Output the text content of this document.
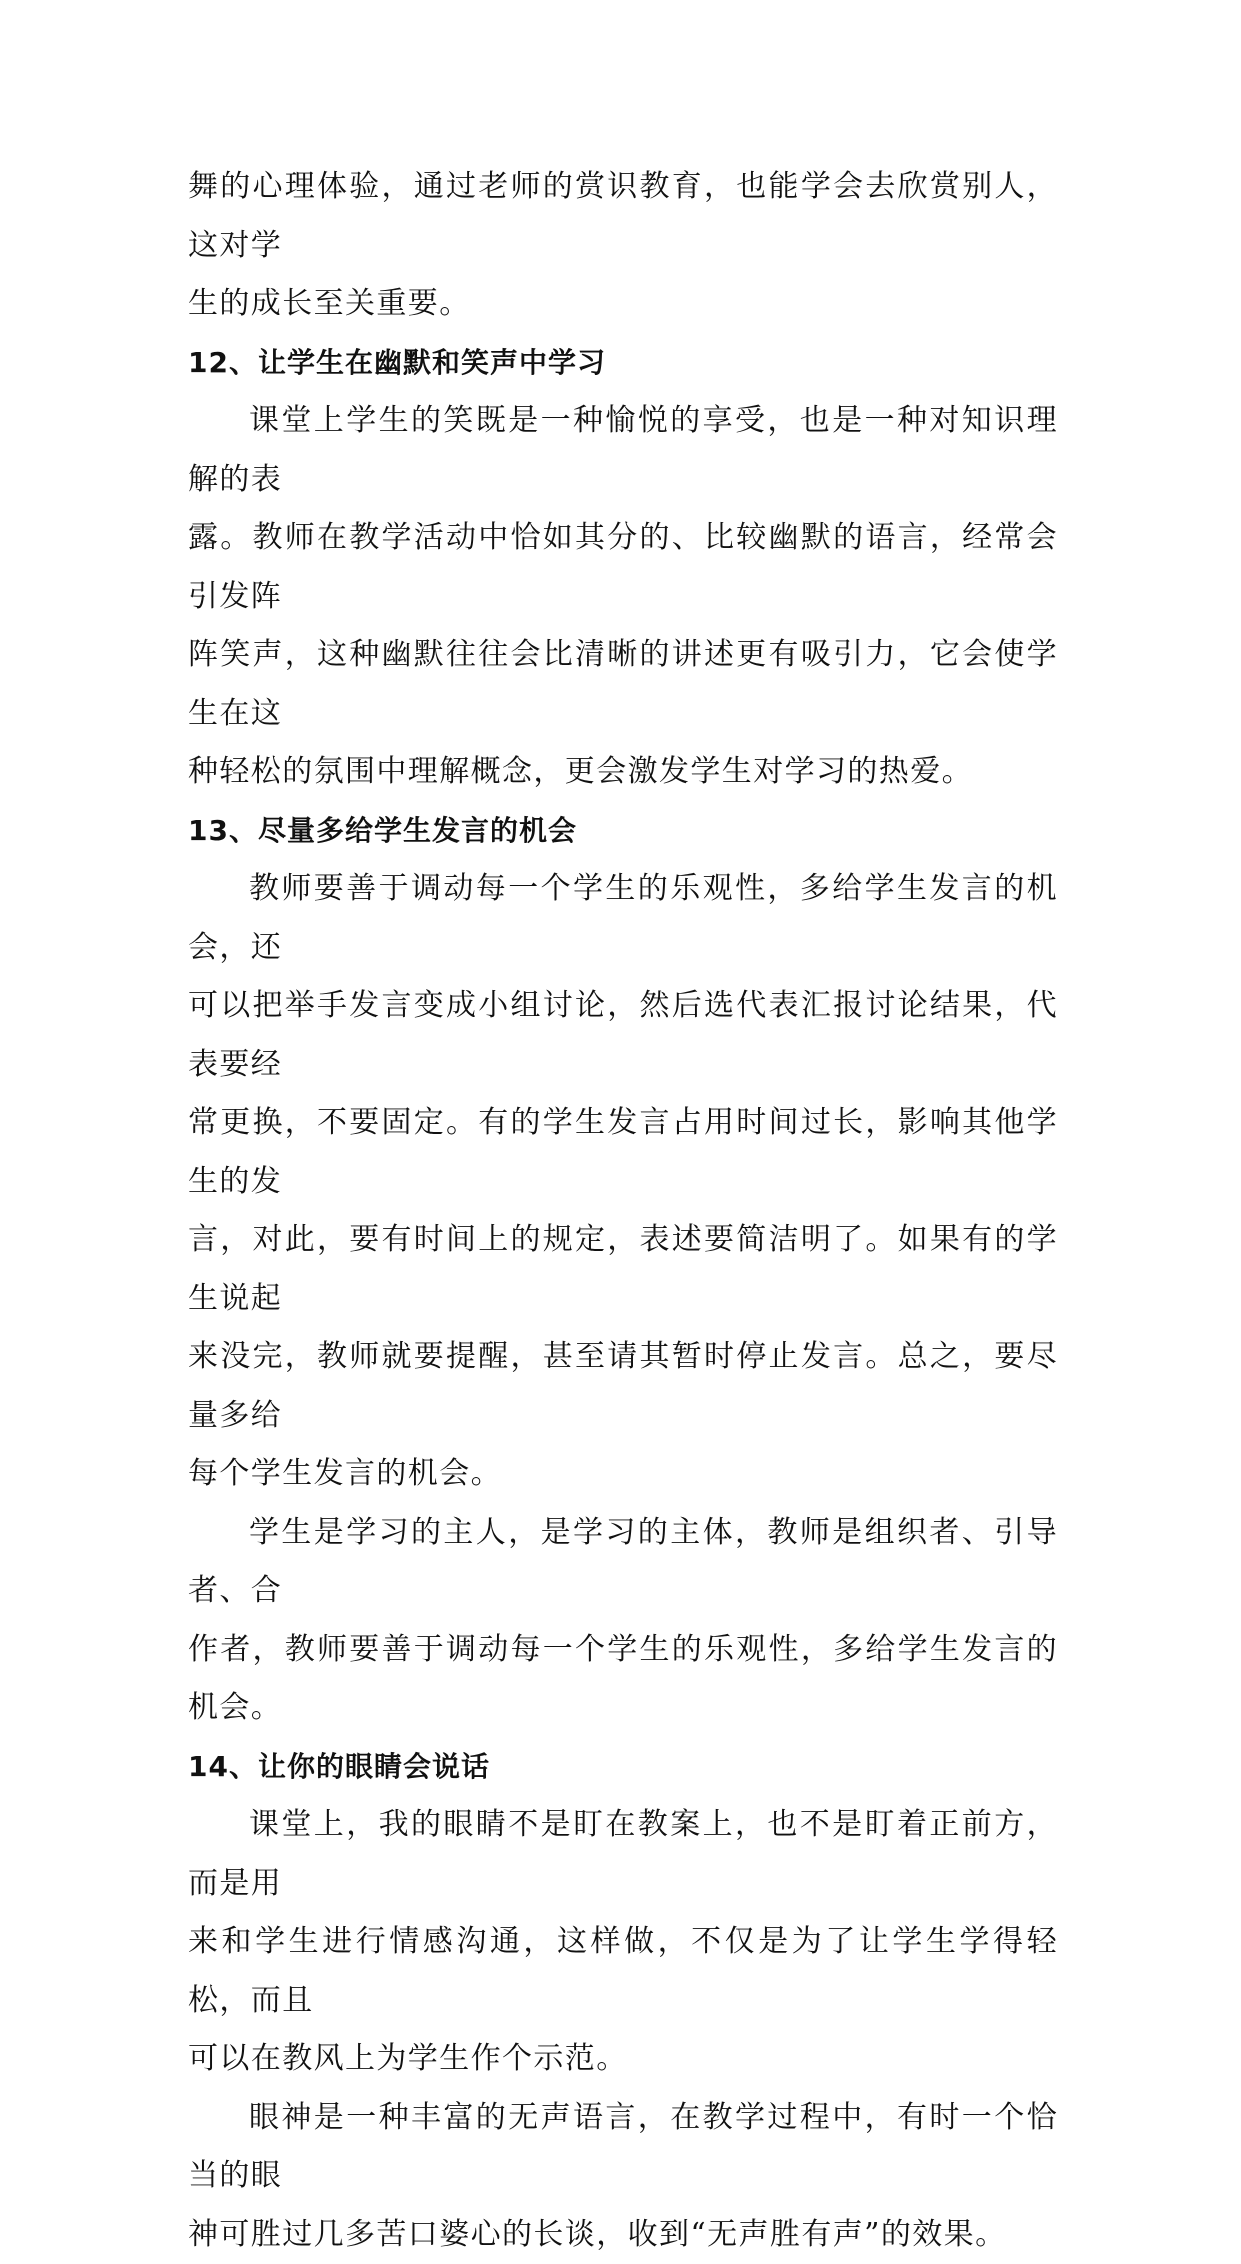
舞的心理体验，通过老师的赏识教育，也能学会去欣赏别人，这对学
生的成长至关重要。

12、让学生在幽默和笑声中学习

课堂上学生的笑既是一种愉悦的享受，也是一种对知识理解的表
露。教师在教学活动中恰如其分的、比较幽默的语言，经常会引发阵
阵笑声，这种幽默往往会比清晰的讲述更有吸引力，它会使学生在这
种轻松的氛围中理解概念，更会激发学生对学习的热爱。

13、尽量多给学生发言的机会

教师要善于调动每一个学生的乐观性，多给学生发言的机会，还
可以把举手发言变成小组讨论，然后选代表汇报讨论结果，代表要经
常更换，不要固定。有的学生发言占用时间过长，影响其他学生的发
言，对此，要有时间上的规定，表述要简洁明了。如果有的学生说起
来没完，教师就要提醒，甚至请其暂时停止发言。总之，要尽量多给
每个学生发言的机会。

学生是学习的主人，是学习的主体，教师是组织者、引导者、合
作者，教师要善于调动每一个学生的乐观性，多给学生发言的机会。

14、让你的眼睛会说话

课堂上，我的眼睛不是盯在教案上，也不是盯着正前方，而是用
来和学生进行情感沟通，这样做，不仅是为了让学生学得轻松，而且
可以在教风上为学生作个示范。

眼神是一种丰富的无声语言，在教学过程中，有时一个恰当的眼
神可胜过几多苦口婆心的长谈，收到“无声胜有声”的效果。
